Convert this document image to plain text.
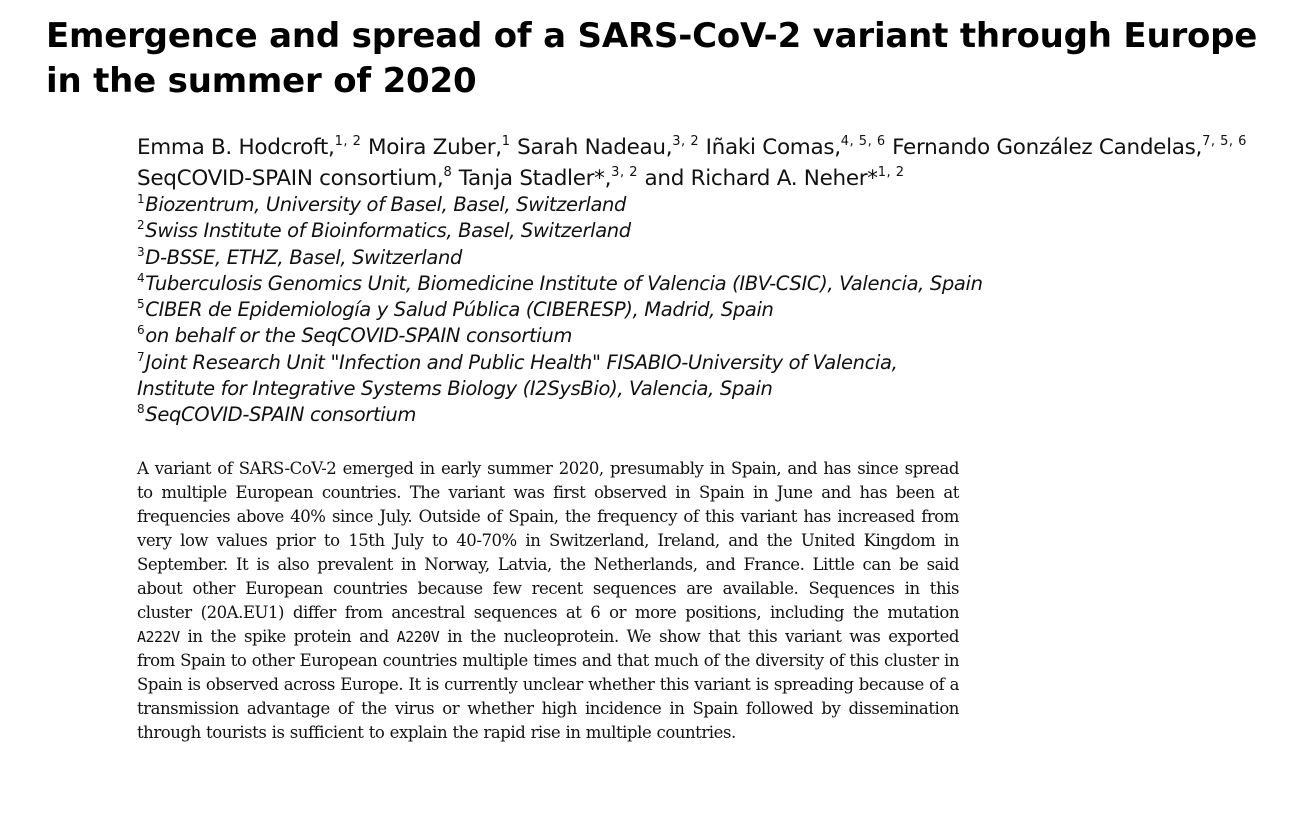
Emergence and spread of a SARS-CoV-2 variant through Europe in the summer of 2020
Emma B. Hodcroft,$^{1, 2}$ Moira Zuber,$^1$ Sarah Nadeau,$^{3, 2}$ Iñaki Comas,$^{4, 5, 6}$ Fernando González Candelas,$^{7, 5, 6}$ SeqCOVID-SPAIN consortium,$^8$ Tanja Stadler*,$^{3, 2}$ and Richard A. Neher*$^{1, 2}$
$^1$Biozentrum, University of Basel, Basel, Switzerland
$^2$Swiss Institute of Bioinformatics, Basel, Switzerland
$^3$D-BSSE, ETHZ, Basel, Switzerland
$^4$Tuberculosis Genomics Unit, Biomedicine Institute of Valencia (IBV-CSIC), Valencia, Spain
$^5$CIBER de Epidemiología y Salud Pública (CIBERESP), Madrid, Spain
$^6$on behalf or the SeqCOVID-SPAIN consortium
$^7$Joint Research Unit "Infection and Public Health" FISABIO-University of Valencia,
Institute for Integrative Systems Biology (I2SysBio), Valencia, Spain
$^8$SeqCOVID-SPAIN consortium

A variant of SARS-CoV-2 emerged in early summer 2020, presumably in Spain, and has since spread to multiple European countries. The variant was first observed in Spain in June and has been at frequencies above 40% since July. Outside of Spain, the frequency of this variant has increased from very low values prior to 15th July to 40-70% in Switzerland, Ireland, and the United Kingdom in September. It is also prevalent in Norway, Latvia, the Netherlands, and France. Little can be said about other European countries because few recent sequences are available. Sequences in this cluster (20A.EU1) differ from ancestral sequences at 6 or more positions, including the mutation A222V in the spike protein and A220V in the nucleoprotein. We show that this variant was exported from Spain to other European countries multiple times and that much of the diversity of this cluster in Spain is observed across Europe. It is currently unclear whether this variant is spreading because of a transmission advantage of the virus or whether high incidence in Spain followed by dissemination through tourists is sufficient to explain the rapid rise in multiple countries.
